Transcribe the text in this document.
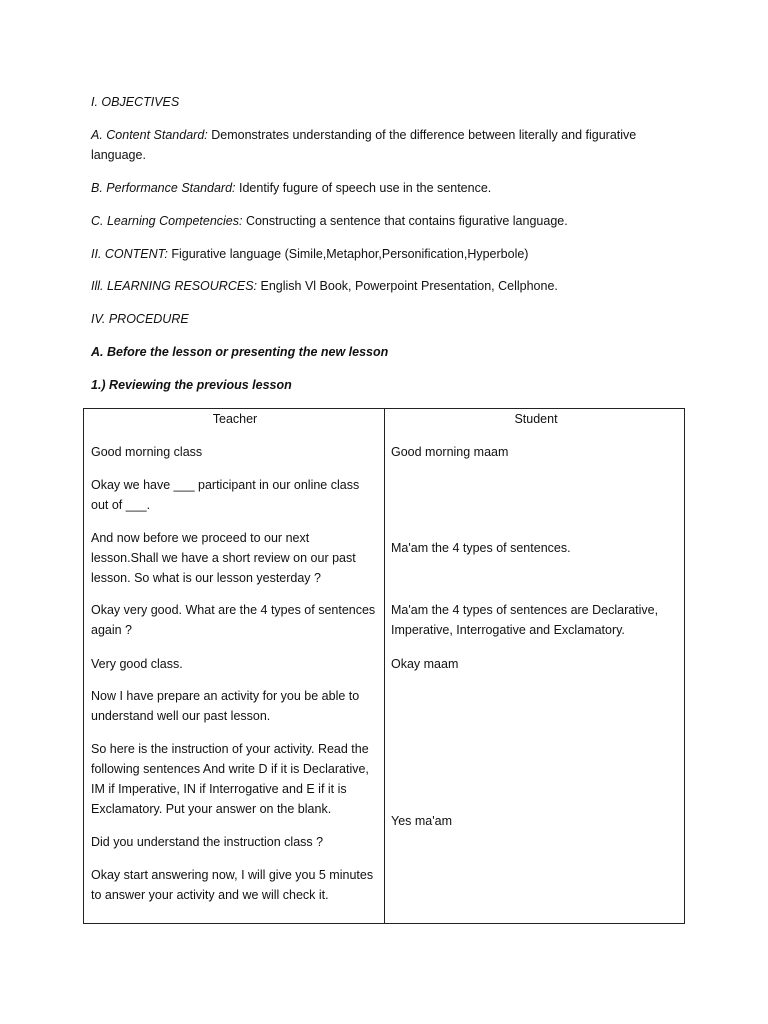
I. OBJECTIVES

A. Content Standard: Demonstrates understanding of the difference between literally and figurative language.

B. Performance Standard: Identify fugure of speech use in the sentence.

C. Learning Competencies: Constructing a sentence that contains figurative language.

II. CONTENT: Figurative language (Simile,Metaphor,Personification,Hyperbole)

Ill. LEARNING RESOURCES: English Vl Book, Powerpoint Presentation, Cellphone.

IV. PROCEDURE

A. Before the lesson or presenting the new lesson

1.) Reviewing the previous lesson

Teacher	Student

Good morning class

Okay we have ___ participant in our online class out of ___.

And now before we proceed to our next lesson.Shall we have a short review on our past lesson. So what is our lesson yesterday ?

Okay very good. What are the 4 types of sentences again ?

Very good class.

Now I have prepare an activity for you be able to understand well our past lesson.

So here is the instruction of your activity. Read the following sentences And write D if it is Declarative, IM if Imperative, IN if Interrogative and E if it is Exclamatory. Put your answer on the blank.

Did you understand the instruction class ?

Okay start answering now, I will give you 5 minutes to answer your activity and we will check it.

Good morning maam

Ma'am the 4 types of sentences.

Ma'am the 4 types of sentences are Declarative, Imperative, Interrogative and Exclamatory.

Okay maam

Yes ma'am
